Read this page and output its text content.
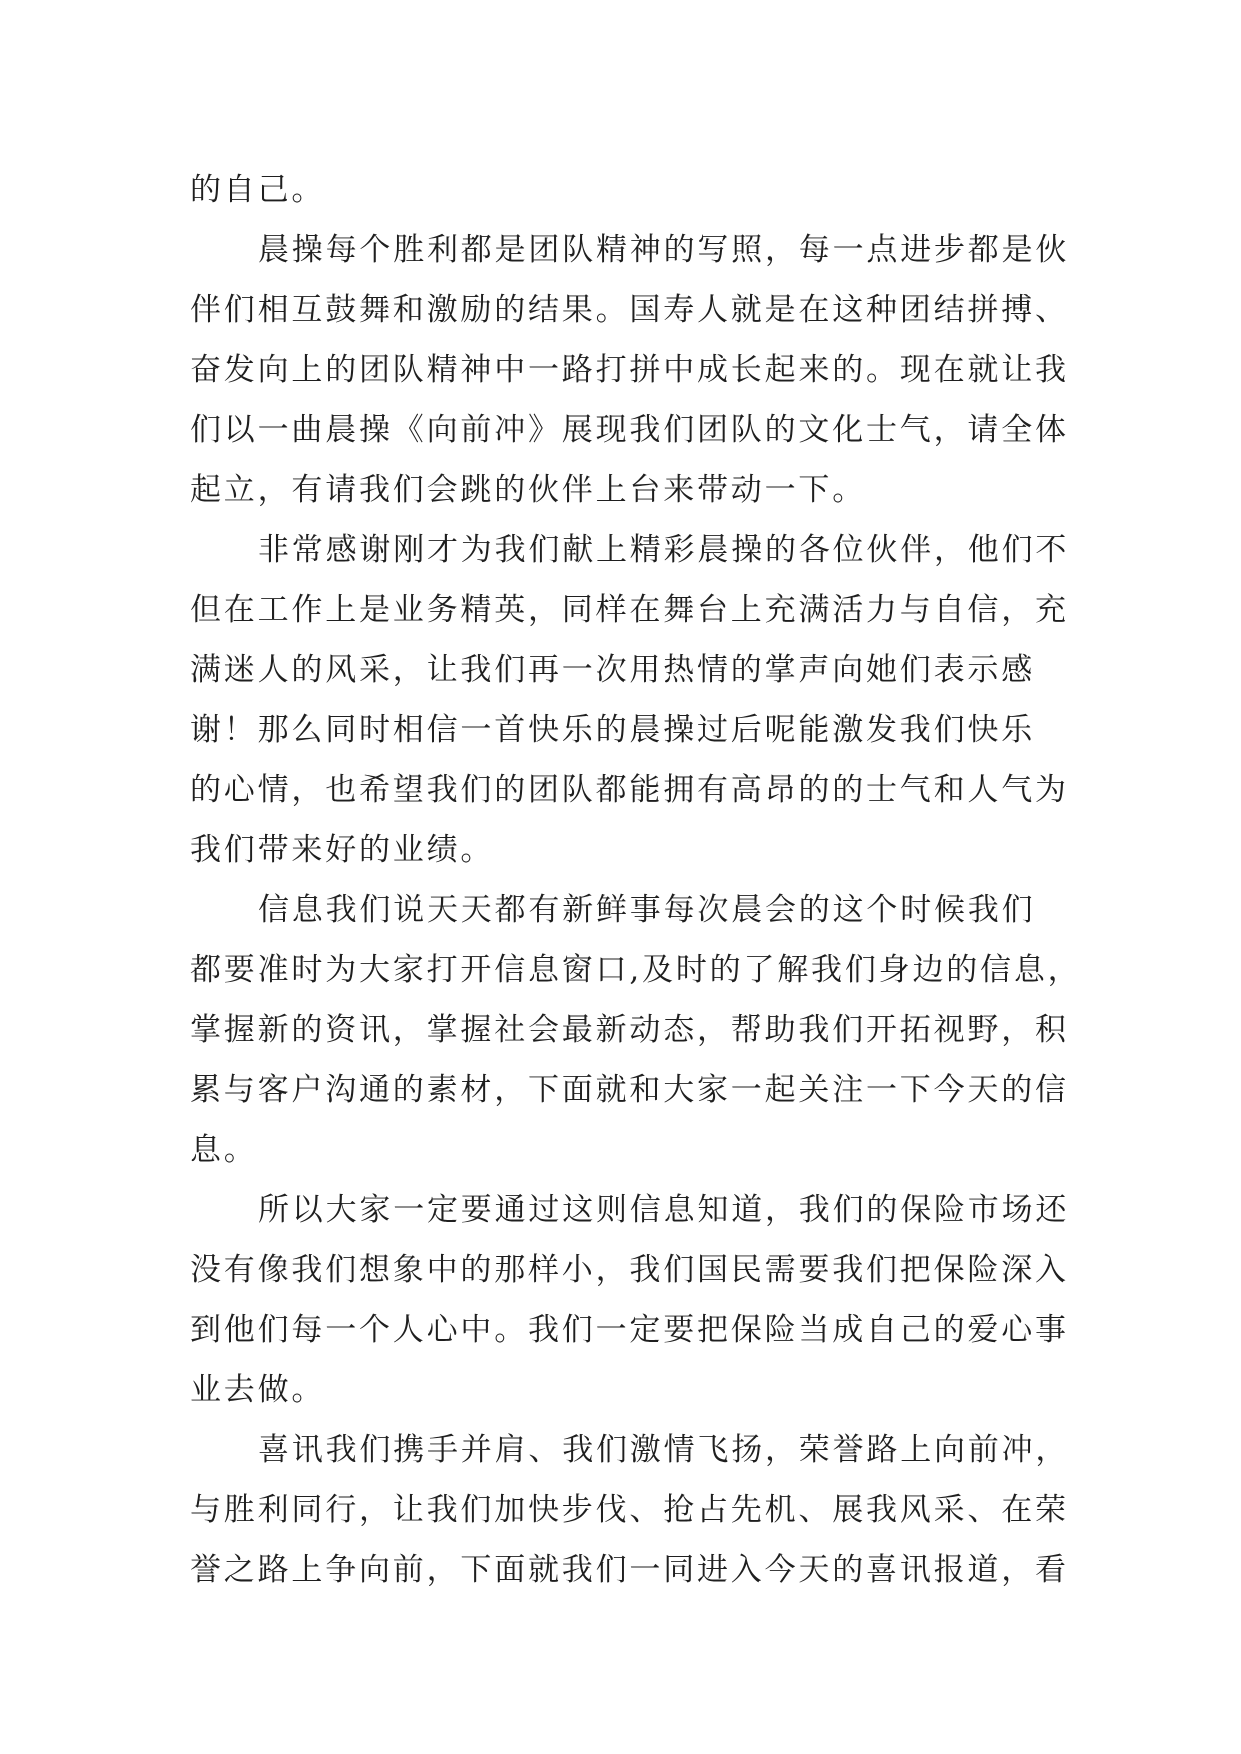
的自己。
晨操每个胜利都是团队精神的写照，每一点进步都是伙
伴们相互鼓舞和激励的结果。国寿人就是在这种团结拼搏、
奋发向上的团队精神中一路打拼中成长起来的。现在就让我
们以一曲晨操《向前冲》展现我们团队的文化士气，请全体
起立，有请我们会跳的伙伴上台来带动一下。
非常感谢刚才为我们献上精彩晨操的各位伙伴，他们不
但在工作上是业务精英，同样在舞台上充满活力与自信，充
满迷人的风采，让我们再一次用热情的掌声向她们表示感
谢！那么同时相信一首快乐的晨操过后呢能激发我们快乐
的心情，也希望我们的团队都能拥有高昂的的士气和人气为
我们带来好的业绩。
信息我们说天天都有新鲜事每次晨会的这个时候我们
都要准时为大家打开信息窗口,及时的了解我们身边的信息，
掌握新的资讯，掌握社会最新动态，帮助我们开拓视野，积
累与客户沟通的素材，下面就和大家一起关注一下今天的信
息。
所以大家一定要通过这则信息知道，我们的保险市场还
没有像我们想象中的那样小，我们国民需要我们把保险深入
到他们每一个人心中。我们一定要把保险当成自己的爱心事
业去做。
喜讯我们携手并肩、我们激情飞扬，荣誉路上向前冲，
与胜利同行，让我们加快步伐、抢占先机、展我风采、在荣
誉之路上争向前，下面就我们一同进入今天的喜讯报道，看
